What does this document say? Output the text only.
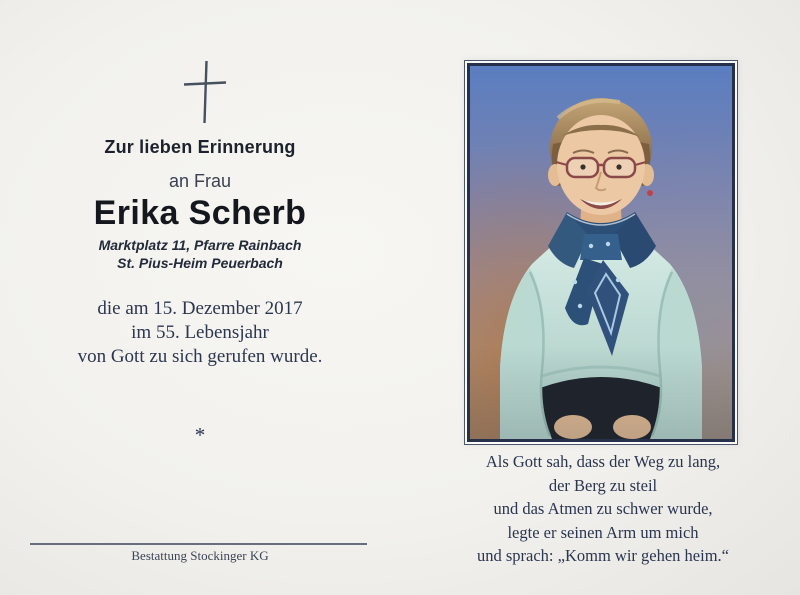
Zur lieben Erinnerung
an Frau
Erika Scherb
Marktplatz 11, Pfarre Rainbach
St. Pius-Heim Peuerbach
die am 15. Dezember 2017
im 55. Lebensjahr
von Gott zu sich gerufen wurde.
*
Bestattung Stockinger KG
Als Gott sah, dass der Weg zu lang,
der Berg zu steil
und das Atmen zu schwer wurde,
legte er seinen Arm um mich
und sprach: „Komm wir gehen heim.“
